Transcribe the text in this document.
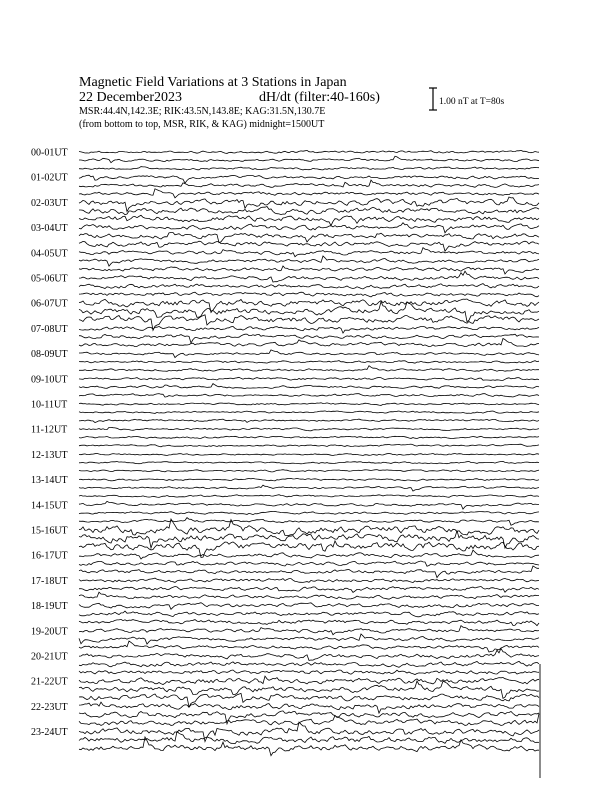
Magnetic Field Variations at 3 Stations in Japan
22 December2023	dH/dt (filter:40-160s)
MSR:44.4N,142.3E; RIK:43.5N,143.8E; KAG:31.5N,130.7E
(from bottom to top, MSR, RIK, & KAG) midnight=1500UT
1.00 nT at T=80s
00-01UT
01-02UT
02-03UT
03-04UT
04-05UT
05-06UT
06-07UT
07-08UT
08-09UT
09-10UT
10-11UT
11-12UT
12-13UT
13-14UT
14-15UT
15-16UT
16-17UT
17-18UT
18-19UT
19-20UT
20-21UT
21-22UT
22-23UT
23-24UT
